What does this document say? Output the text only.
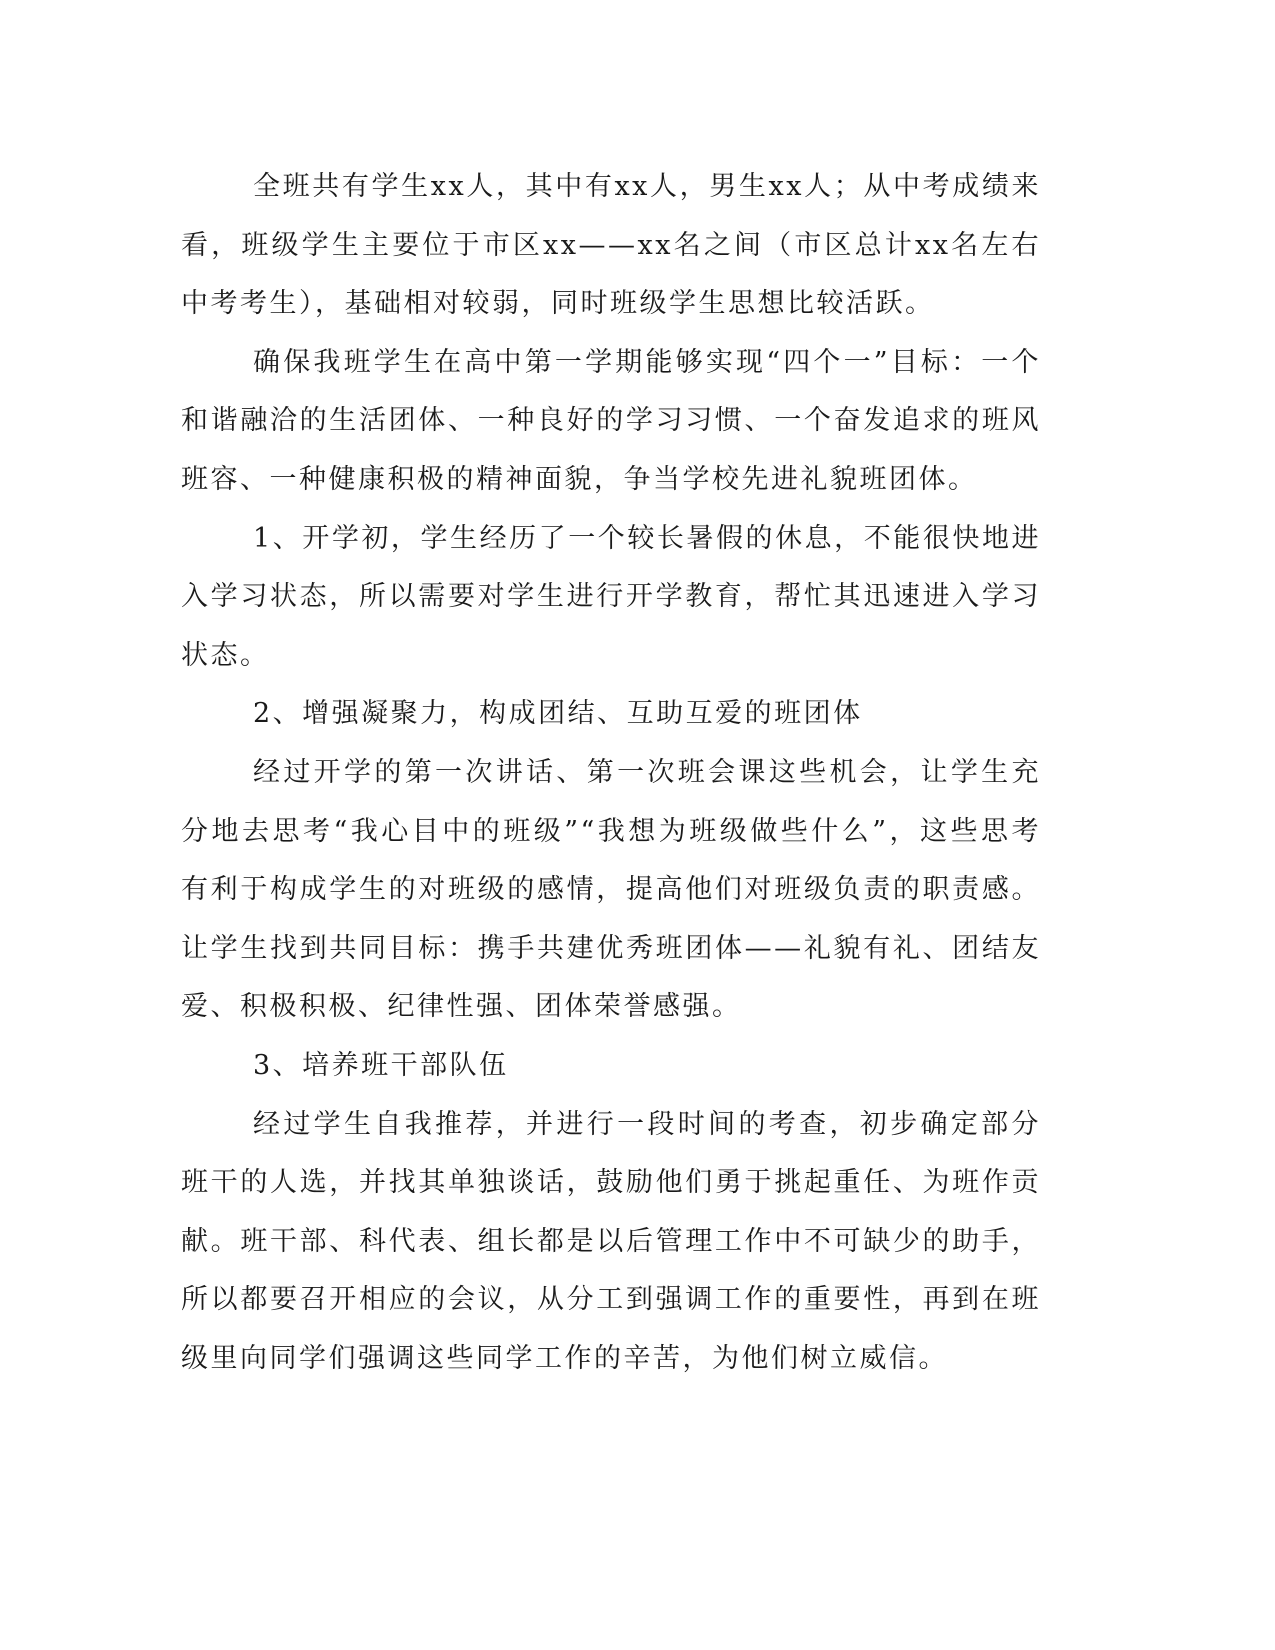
全班共有学生xx人，其中有xx人，男生xx人；从中考成绩来看，班级学生主要位于市区xx——xx名之间（市区总计xx名左右中考考生），基础相对较弱，同时班级学生思想比较活跃。

确保我班学生在高中第一学期能够实现“四个一”目标：一个和谐融洽的生活团体、一种良好的学习习惯、一个奋发追求的班风班容、一种健康积极的精神面貌，争当学校先进礼貌班团体。

1、开学初，学生经历了一个较长暑假的休息，不能很快地进入学习状态，所以需要对学生进行开学教育，帮忙其迅速进入学习状态。

2、增强凝聚力，构成团结、互助互爱的班团体

经过开学的第一次讲话、第一次班会课这些机会，让学生充分地去思考“我心目中的班级”“我想为班级做些什么”，这些思考有利于构成学生的对班级的感情，提高他们对班级负责的职责感。让学生找到共同目标：携手共建优秀班团体——礼貌有礼、团结友爱、积极积极、纪律性强、团体荣誉感强。

3、培养班干部队伍

经过学生自我推荐，并进行一段时间的考查，初步确定部分班干的人选，并找其单独谈话，鼓励他们勇于挑起重任、为班作贡献。班干部、科代表、组长都是以后管理工作中不可缺少的助手，所以都要召开相应的会议，从分工到强调工作的重要性，再到在班级里向同学们强调这些同学工作的辛苦，为他们树立威信。
